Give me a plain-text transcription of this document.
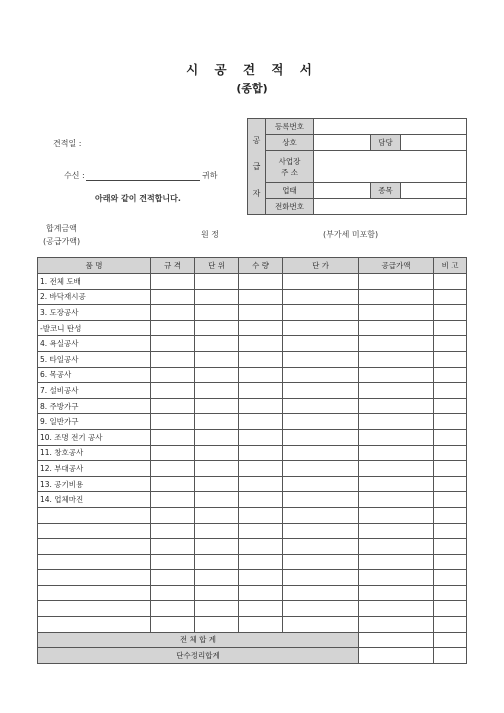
시 공 견 적 서
(종합)
견적일 :
수신 :	귀하
아래와 같이 견적합니다.
합계금액
(공급가액)
원 정	(부가세 미포함)
공
급
자	등록번호			
	상호		담당	

	사업장
주 소			

	업태		종목	
	전화번호			
품 명	규 격	단 위	수 량	단 가	공급가액	비 고
1. 전체 도배						
2. 바닥재시공						
3. 도장공사						
-발코니 탄성						
4. 욕실공사						
5. 타일공사						
6. 목공사						
7. 설비공사						
8. 주방가구						
9. 일반가구						
10. 조명 전기 공사						
11. 창호공사						
12. 부대공사						
13. 공기비용						
14. 업체마진						

전 체 합 계						
단수정리합계						
